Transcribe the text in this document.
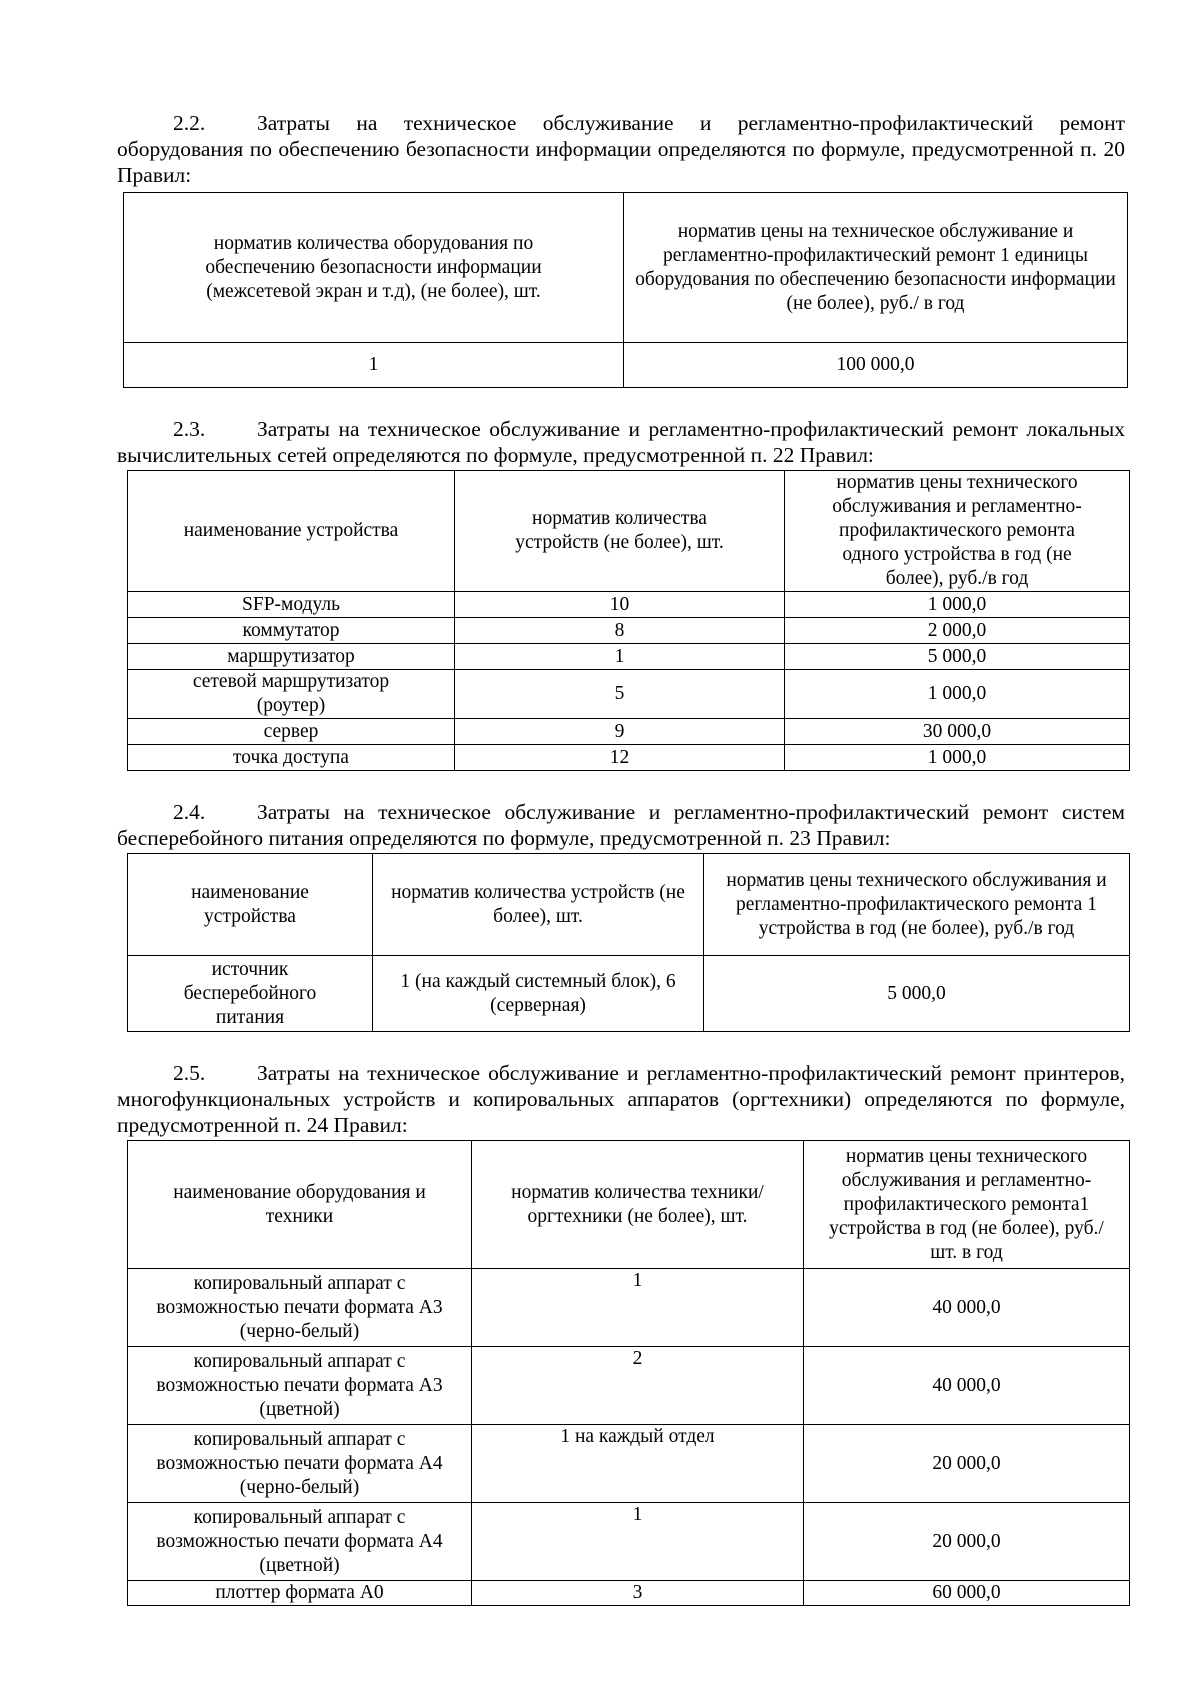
2.2. Затраты на техническое обслуживание и регламентно-профилактический ремонт оборудования по обеспечению безопасности информации определяются по формуле, предусмотренной п. 20 Правил:

норматив количества оборудования по обеспечению безопасности информации (межсетевой экран и т.д), (не более), шт.	норматив цены на техническое обслуживание и регламентно-профилактический ремонт 1 единицы оборудования по обеспечению безопасности информации (не более), руб./ в год
1	100 000,0

2.3. Затраты на техническое обслуживание и регламентно-профилактический ремонт локальных вычислительных сетей определяются по формуле, предусмотренной п. 22 Правил:

наименование устройства	норматив количества устройств (не более), шт.	норматив цены технического обслуживания и регламентно-профилактического ремонта одного устройства в год (не более), руб./в год
SFP-модуль	10	1 000,0
коммутатор	8	2 000,0
маршрутизатор	1	5 000,0
сетевой маршрутизатор (роутер)	5	1 000,0
сервер	9	30 000,0
точка доступа	12	1 000,0

2.4. Затраты на техническое обслуживание и регламентно-профилактический ремонт систем бесперебойного питания определяются по формуле, предусмотренной п. 23 Правил:

наименование устройства	норматив количества устройств (не более), шт.	норматив цены технического обслуживания и регламентно-профилактического ремонта 1 устройства в год (не более), руб./в год
источник бесперебойного питания	1 (на каждый системный блок), 6 (серверная)	5 000,0

2.5. Затраты на техническое обслуживание и регламентно-профилактический ремонт принтеров, многофункциональных устройств и копировальных аппаратов (оргтехники) определяются по формуле, предусмотренной п. 24 Правил:

наименование оборудования и техники	норматив количества техники/оргтехники (не более), шт.	норматив цены технического обслуживания и регламентно-профилактического ремонта1 устройства в год (не более), руб./шт. в год
копировальный аппарат с возможностью печати формата А3 (черно-белый)	1	40 000,0
копировальный аппарат с возможностью печати формата А3 (цветной)	2	40 000,0
копировальный аппарат с возможностью печати формата А4 (черно-белый)	1 на каждый отдел	20 000,0
копировальный аппарат с возможностью печати формата А4 (цветной)	1	20 000,0
плоттер формата А0	3	60 000,0
